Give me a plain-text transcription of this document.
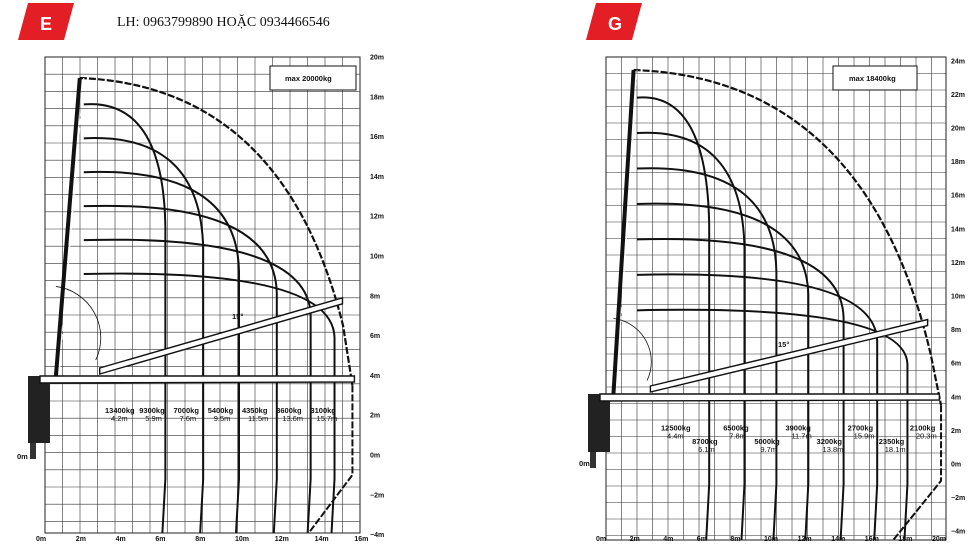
E	LH: 0963799890 HOẶC 0934466546	G
max 20000kg
15°
0m
20m
18m
16m
14m
12m
10m
8m
6m
4m
2m
0m
−2m
−4m
0m	2m	4m	6m	8m	10m	12m	14m	16m
13400kg
4.2m
9300kg
5.9m
7000kg
7.6m
5400kg
9.5m
4350kg
11.5m
3600kg
13.6m
3100kg
15.7m
max 18400kg
15°
0m
24m
22m
20m
18m
16m
14m
12m
10m
8m
6m
4m
2m
0m
−2m
−4m
0m	2m	4m	6m	8m	10m	12m	14m	16m	18m	20m
12500kg
4.4m
8700kg
6.1m
6500kg
7.8m
5000kg
9.7m
3900kg
11.7m
3200kg
13.8m
2700kg
15.9m
2350kg
18.1m
2100kg
20.3m
